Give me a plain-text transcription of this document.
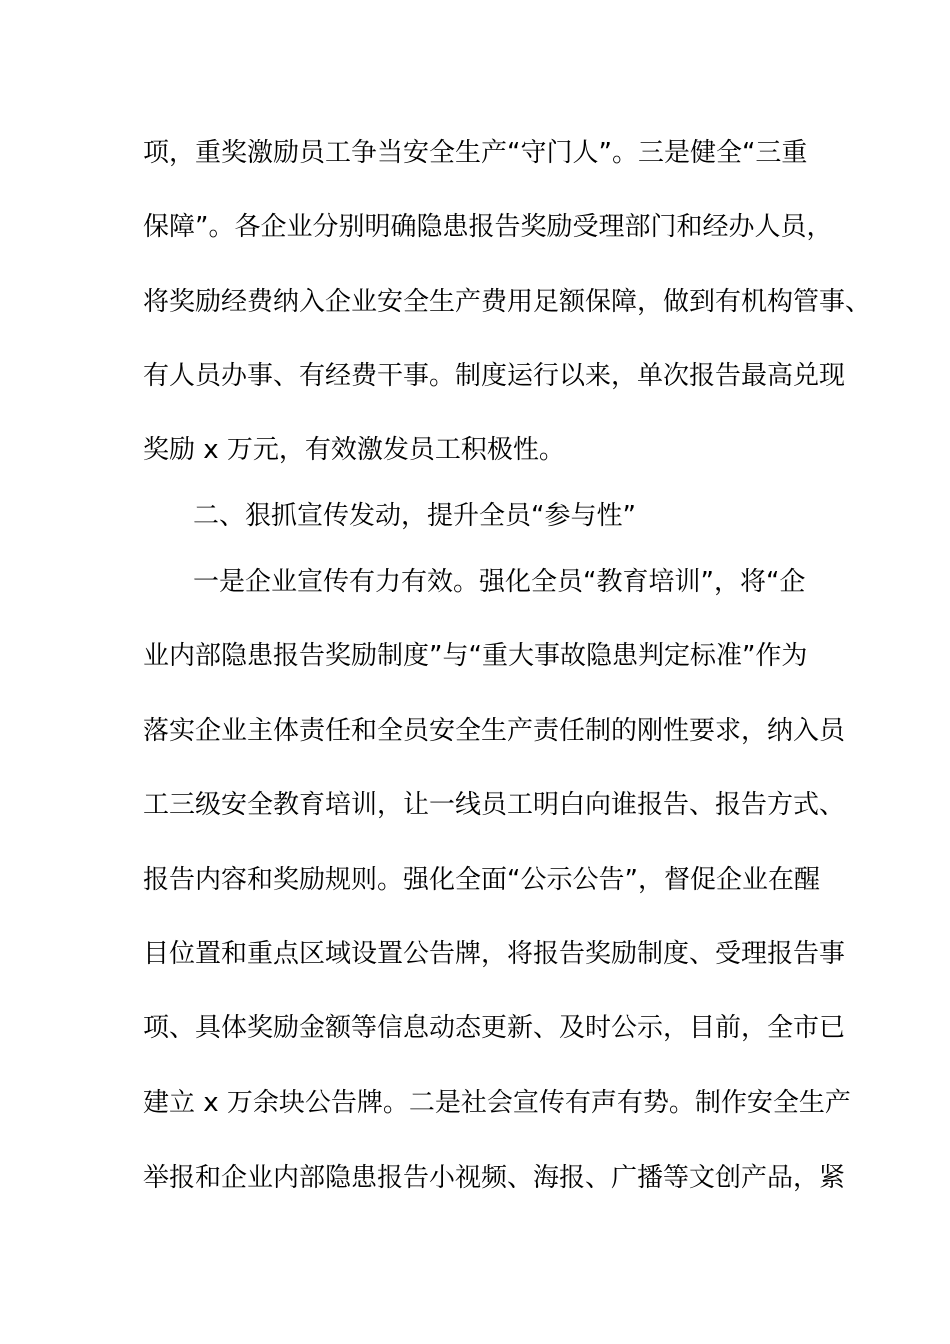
项，重奖激励员工争当安全生产“守门人”。三是健全“三重
保障”。各企业分别明确隐患报告奖励受理部门和经办人员，
将奖励经费纳入企业安全生产费用足额保障，做到有机构管事、
有人员办事、有经费干事。制度运行以来，单次报告最高兑现
奖励 x 万元，有效激发员工积极性。
二、狠抓宣传发动，提升全员“参与性”
一是企业宣传有力有效。强化全员“教育培训”，将“企
业内部隐患报告奖励制度”与“重大事故隐患判定标准”作为
落实企业主体责任和全员安全生产责任制的刚性要求，纳入员
工三级安全教育培训，让一线员工明白向谁报告、报告方式、
报告内容和奖励规则。强化全面“公示公告”，督促企业在醒
目位置和重点区域设置公告牌，将报告奖励制度、受理报告事
项、具体奖励金额等信息动态更新、及时公示，目前，全市已
建立 x 万余块公告牌。二是社会宣传有声有势。制作安全生产
举报和企业内部隐患报告小视频、海报、广播等文创产品，紧
